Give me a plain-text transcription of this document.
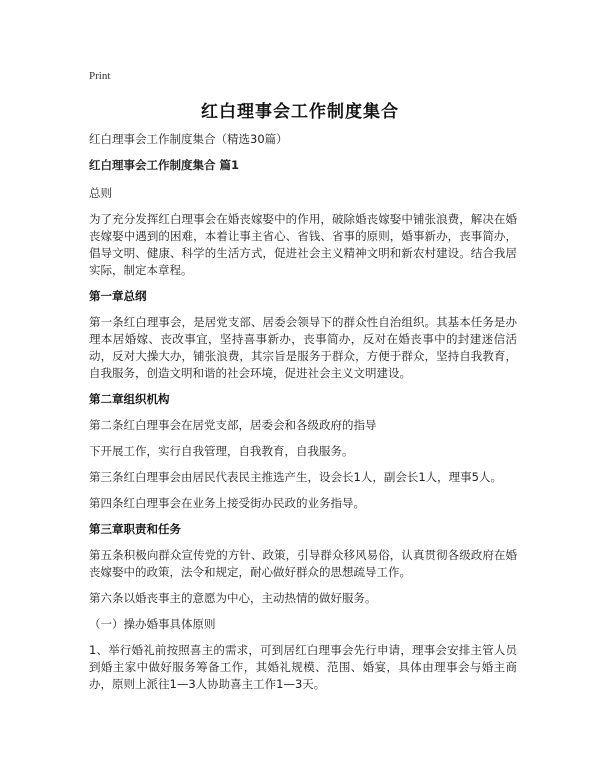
Print
红白理事会工作制度集合

红白理事会工作制度集合（精选30篇）

红白理事会工作制度集合 篇1

总则

为了充分发挥红白理事会在婚丧嫁娶中的作用，破除婚丧嫁娶中铺张浪费，解决在婚丧嫁娶中遇到的困难，本着让事主省心、省钱、省事的原则，婚事新办，丧事简办，倡导文明、健康、科学的生活方式，促进社会主义精神文明和新农村建设。结合我居实际，制定本章程。

第一章总纲

第一条红白理事会，是居党支部、居委会领导下的群众性自治组织。其基本任务是办理本居婚嫁、丧改事宜，坚持喜事新办，丧事简办，反对在婚丧事中的封建迷信活动，反对大操大办，铺张浪费，其宗旨是服务于群众，方便于群众，坚持自我教育，自我服务，创造文明和谐的社会环境，促进社会主义文明建设。

第二章组织机构

第二条红白理事会在居党支部，居委会和各级政府的指导

下开展工作，实行自我管理，自我教育，自我服务。

第三条红白理事会由居民代表民主推选产生，设会长1人，副会长1人，理事5人。

第四条红白理事会在业务上接受街办民政的业务指导。

第三章职责和任务

第五条积极向群众宣传党的方针、政策，引导群众移风易俗，认真贯彻各级政府在婚丧嫁娶中的政策，法令和规定，耐心做好群众的思想疏导工作。

第六条以婚丧事主的意愿为中心，主动热情的做好服务。

（一）操办婚事具体原则

1、举行婚礼前按照喜主的需求，可到居红白理事会先行申请，理事会安排主管人员到婚主家中做好服务筹备工作，其婚礼规模、范围、婚宴，具体由理事会与婚主商办，原则上派往1—3人协助喜主工作1—3天。
